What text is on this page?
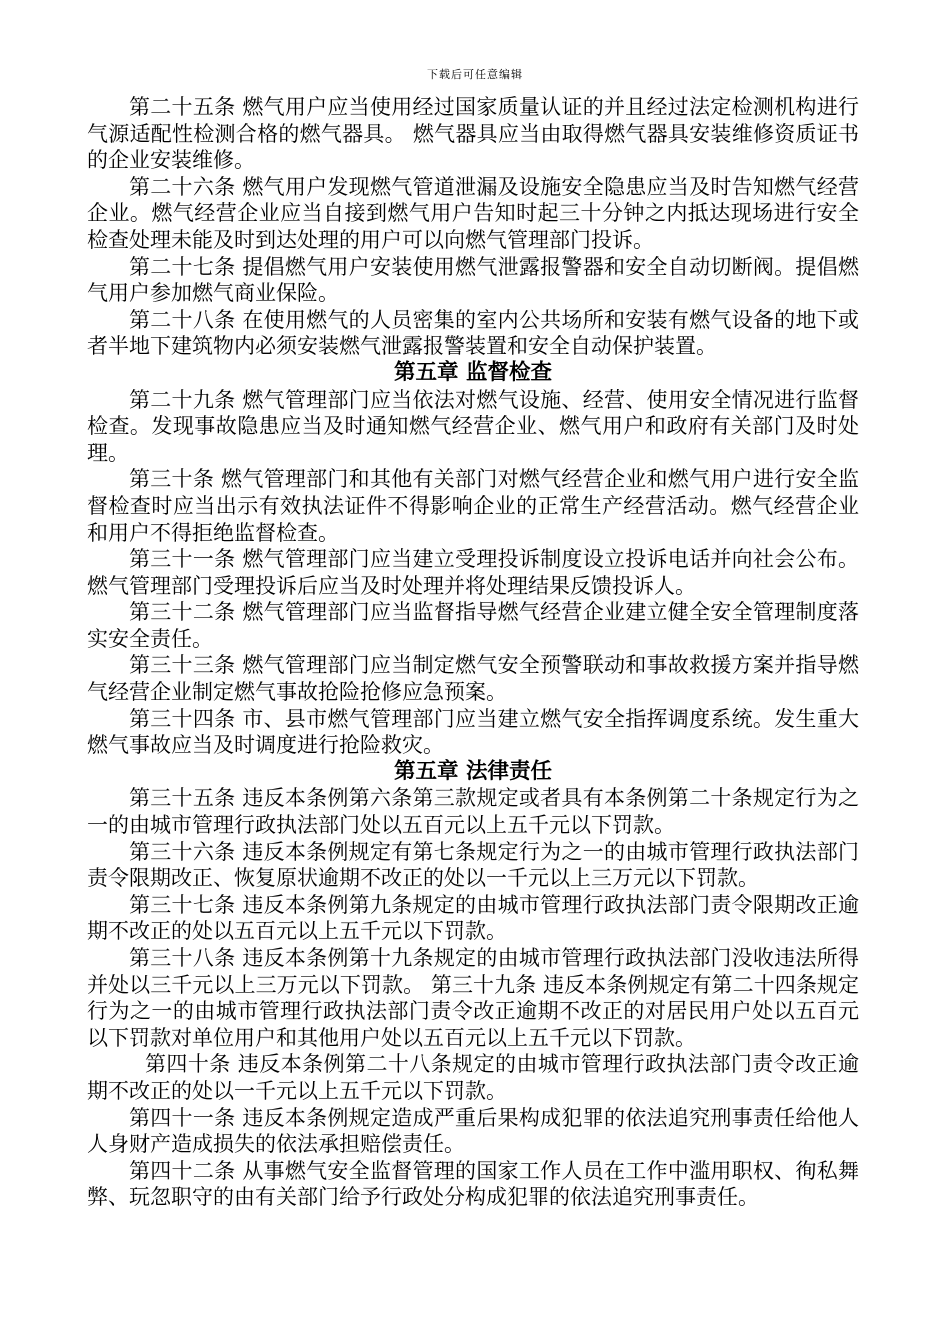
下载后可任意编辑

第二十五条 燃气用户应当使用经过国家质量认证的并且经过法定检测机构进行气源适配性检测合格的燃气器具。 燃气器具应当由取得燃气器具安装维修资质证书的企业安装维修。

第二十六条 燃气用户发现燃气管道泄漏及设施安全隐患应当及时告知燃气经营企业。燃气经营企业应当自接到燃气用户告知时起三十分钟之内抵达现场进行安全检查处理未能及时到达处理的用户可以向燃气管理部门投诉。

第二十七条 提倡燃气用户安装使用燃气泄露报警器和安全自动切断阀。提倡燃气用户参加燃气商业保险。

第二十八条 在使用燃气的人员密集的室内公共场所和安装有燃气设备的地下或者半地下建筑物内必须安装燃气泄露报警装置和安全自动保护装置。

第五章 监督检查

第二十九条 燃气管理部门应当依法对燃气设施、经营、使用安全情况进行监督检查。发现事故隐患应当及时通知燃气经营企业、燃气用户和政府有关部门及时处理。

第三十条 燃气管理部门和其他有关部门对燃气经营企业和燃气用户进行安全监督检查时应当出示有效执法证件不得影响企业的正常生产经营活动。燃气经营企业和用户不得拒绝监督检查。

第三十一条 燃气管理部门应当建立受理投诉制度设立投诉电话并向社会公布。燃气管理部门受理投诉后应当及时处理并将处理结果反馈投诉人。

第三十二条 燃气管理部门应当监督指导燃气经营企业建立健全安全管理制度落实安全责任。

第三十三条 燃气管理部门应当制定燃气安全预警联动和事故救援方案并指导燃气经营企业制定燃气事故抢险抢修应急预案。

第三十四条 市、县市燃气管理部门应当建立燃气安全指挥调度系统。发生重大燃气事故应当及时调度进行抢险救灾。

第五章 法律责任

第三十五条 违反本条例第六条第三款规定或者具有本条例第二十条规定行为之一的由城市管理行政执法部门处以五百元以上五千元以下罚款。

第三十六条 违反本条例规定有第七条规定行为之一的由城市管理行政执法部门责令限期改正、恢复原状逾期不改正的处以一千元以上三万元以下罚款。

第三十七条 违反本条例第九条规定的由城市管理行政执法部门责令限期改正逾期不改正的处以五百元以上五千元以下罚款。

第三十八条 违反本条例第十九条规定的由城市管理行政执法部门没收违法所得并处以三千元以上三万元以下罚款。 第三十九条 违反本条例规定有第二十四条规定行为之一的由城市管理行政执法部门责令改正逾期不改正的对居民用户处以五百元以下罚款对单位用户和其他用户处以五百元以上五千元以下罚款。

第四十条 违反本条例第二十八条规定的由城市管理行政执法部门责令改正逾期不改正的处以一千元以上五千元以下罚款。

第四十一条 违反本条例规定造成严重后果构成犯罪的依法追究刑事责任给他人人身财产造成损失的依法承担赔偿责任。

第四十二条 从事燃气安全监督管理的国家工作人员在工作中滥用职权、徇私舞弊、玩忽职守的由有关部门给予行政处分构成犯罪的依法追究刑事责任。
